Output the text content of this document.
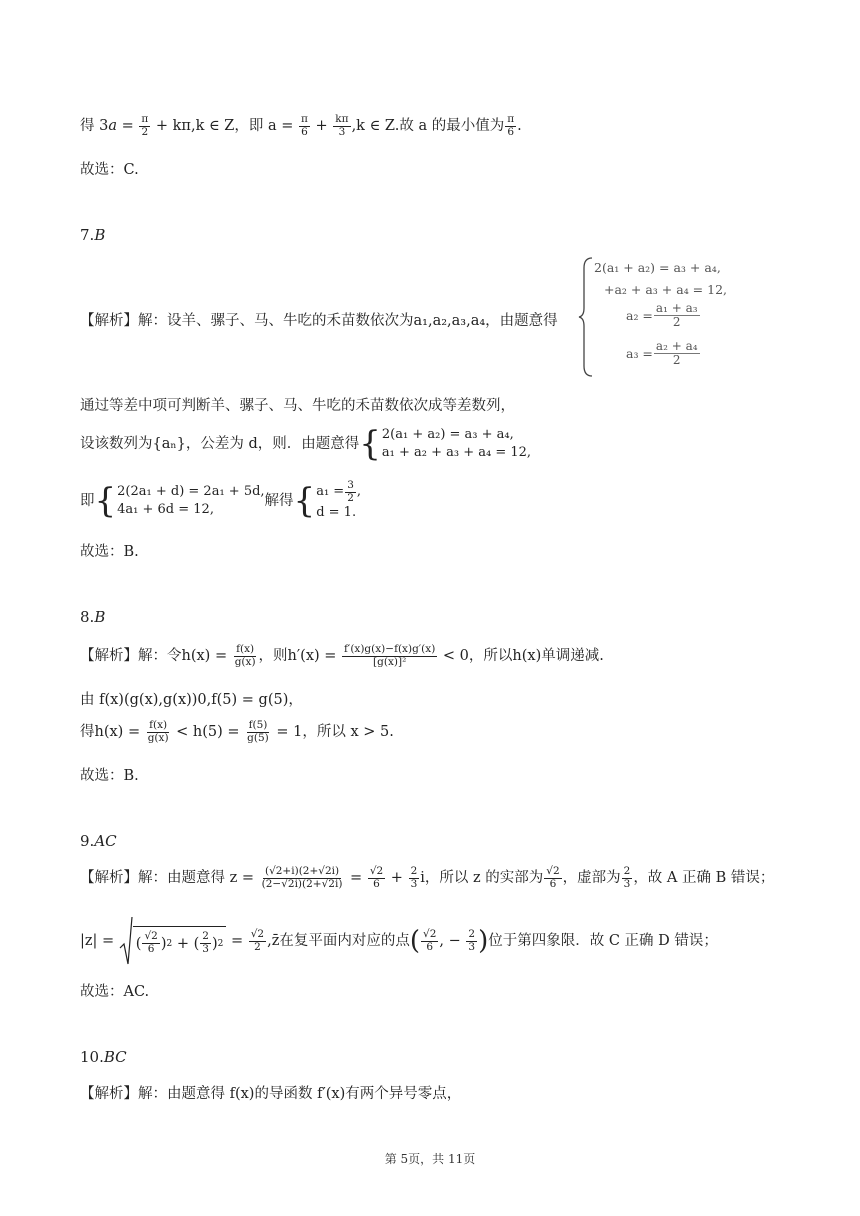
得 $3a = \frac{\pi}{2} + k\pi,k$ ∈ Z，即 $a = \frac{\pi}{6} + \frac{k\pi}{3} ,k$ ∈ Z.故 a 的最小值为 $\frac{\pi}{6}$ .
故选：C.
7.B
【解析】解：设羊、骡子、马、牛吃的禾苗数依次为a₁,a₂,a₃,a₄，由题意得
2(a₁ + a₂) = a₃ + a₄,
+a₂ + a₃ + a₄ = 12,
$a_2 = \frac{\text{a₁ + a₃}}{2}$
$a_3 = \frac{\text{a₂ + a₄}}{2}$
通过等差中项可判断羊、骡子、马、牛吃的禾苗数依次成等差数列，
设该数列为{aₙ}，公差为 d，则．由题意得 { 2(a₁ + a₂) = a₃ + a₄,
a₁ + a₂ + a₃ + a₄ = 12,
即 { 2(2a₁ + d) = 2a₁ + 5d,
4a₁ + 6d = 12,
解得 { $a_1 = \frac{3}{2}$ ,
d = 1.
故选：B.
8.B
【解析】解：令$h(x) = \frac{f(x)}{g(x)}$ ，则$h'(x) = \frac{f'(x)g(x)-f(x)g'(x)}{\text{[g(x)]²}} < 0$，所以h(x)单调递减.
由 f(x)(g(x),g(x))0,f(5) = g(5)，
得$h(x) = \frac{f(x)}{g(x)} < h(5) = \frac{f(5)}{g(5)} = 1$，所以 x > 5.
故选：B.
9.AC
【解析】解：由题意得 $z = \frac{(√2+i)(2+√2i)}{(2-√2i)(2+√2i)} = \frac{√2}{6} + \frac{2}{3}$ i，所以 z 的实部为 $\frac{√2}{6}$ ，虚部为 $\frac{2}{3}$ ，故 A 正确 B 错误；
|z| = ( $\frac{√2}{6}$ ) 2 + ( $\frac{2}{3}$ ) $2 = \frac{√2}{2}$ ,z̄在复平面内对应的点( $\frac{√2}{6}$ , − $\frac{2}{3}$ )位于第四象限．故 C 正确 D 错误；
故选：AC.
10.BC
【解析】解：由题意得 f(x)的导函数 f′(x)有两个异号零点，
第 5页，共 11页
